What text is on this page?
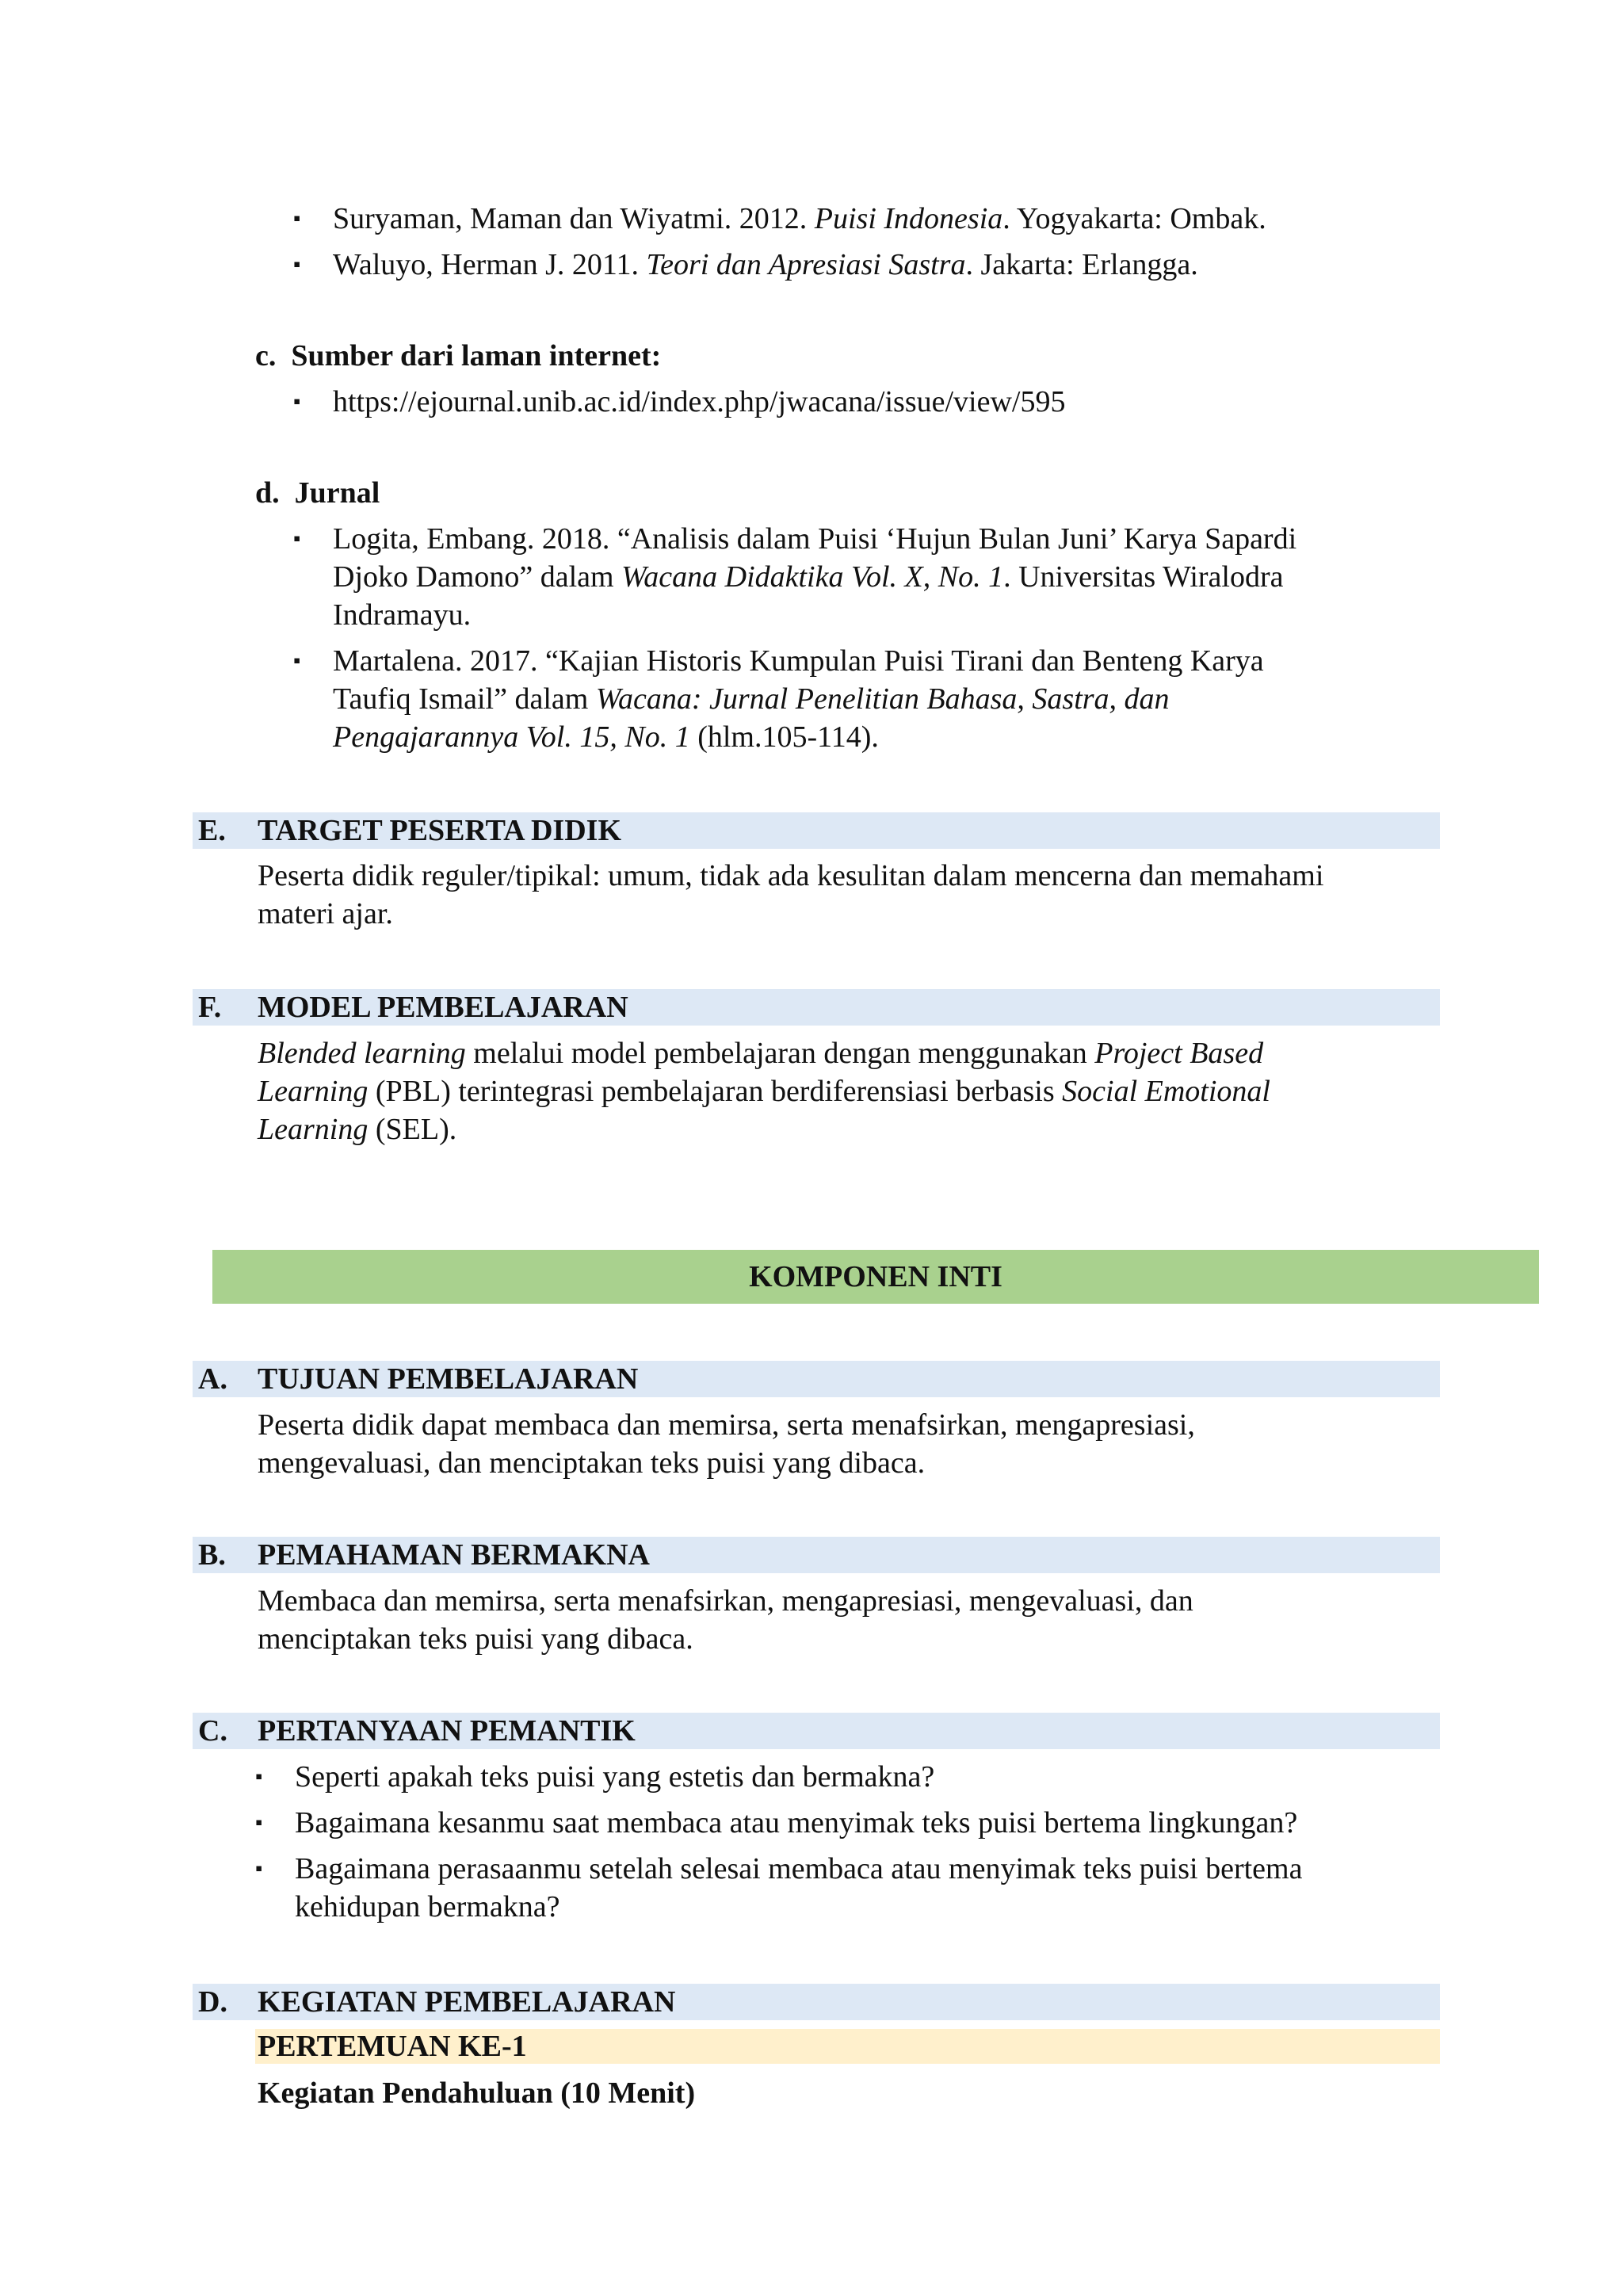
▪ Suryaman, Maman dan Wiyatmi. 2012. Puisi Indonesia. Yogyakarta: Ombak.
▪ Waluyo, Herman J. 2011. Teori dan Apresiasi Sastra. Jakarta: Erlangga.
c. Sumber dari laman internet:
▪ https://ejournal.unib.ac.id/index.php/jwacana/issue/view/595
d. Jurnal
▪ Logita, Embang. 2018. “Analisis dalam Puisi ‘Hujun Bulan Juni’ Karya Sapardi
Djoko Damono” dalam Wacana Didaktika Vol. X, No. 1. Universitas Wiralodra
Indramayu.
▪ Martalena. 2017. “Kajian Historis Kumpulan Puisi Tirani dan Benteng Karya
Taufiq Ismail” dalam Wacana: Jurnal Penelitian Bahasa, Sastra, dan
Pengajarannya Vol. 15, No. 1 (hlm.105-114).
E. TARGET PESERTA DIDIK
Peserta didik reguler/tipikal: umum, tidak ada kesulitan dalam mencerna dan memahami
materi ajar.
F. MODEL PEMBELAJARAN
Blended learning melalui model pembelajaran dengan menggunakan Project Based
Learning (PBL) terintegrasi pembelajaran berdiferensiasi berbasis Social Emotional
Learning (SEL).
KOMPONEN INTI
A. TUJUAN PEMBELAJARAN
Peserta didik dapat membaca dan memirsa, serta menafsirkan, mengapresiasi,
mengevaluasi, dan menciptakan teks puisi yang dibaca.
B. PEMAHAMAN BERMAKNA
Membaca dan memirsa, serta menafsirkan, mengapresiasi, mengevaluasi, dan
menciptakan teks puisi yang dibaca.
C. PERTANYAAN PEMANTIK
▪ Seperti apakah teks puisi yang estetis dan bermakna?
▪ Bagaimana kesanmu saat membaca atau menyimak teks puisi bertema lingkungan?
▪ Bagaimana perasaanmu setelah selesai membaca atau menyimak teks puisi bertema
kehidupan bermakna?
D. KEGIATAN PEMBELAJARAN
PERTEMUAN KE-1
Kegiatan Pendahuluan (10 Menit)
